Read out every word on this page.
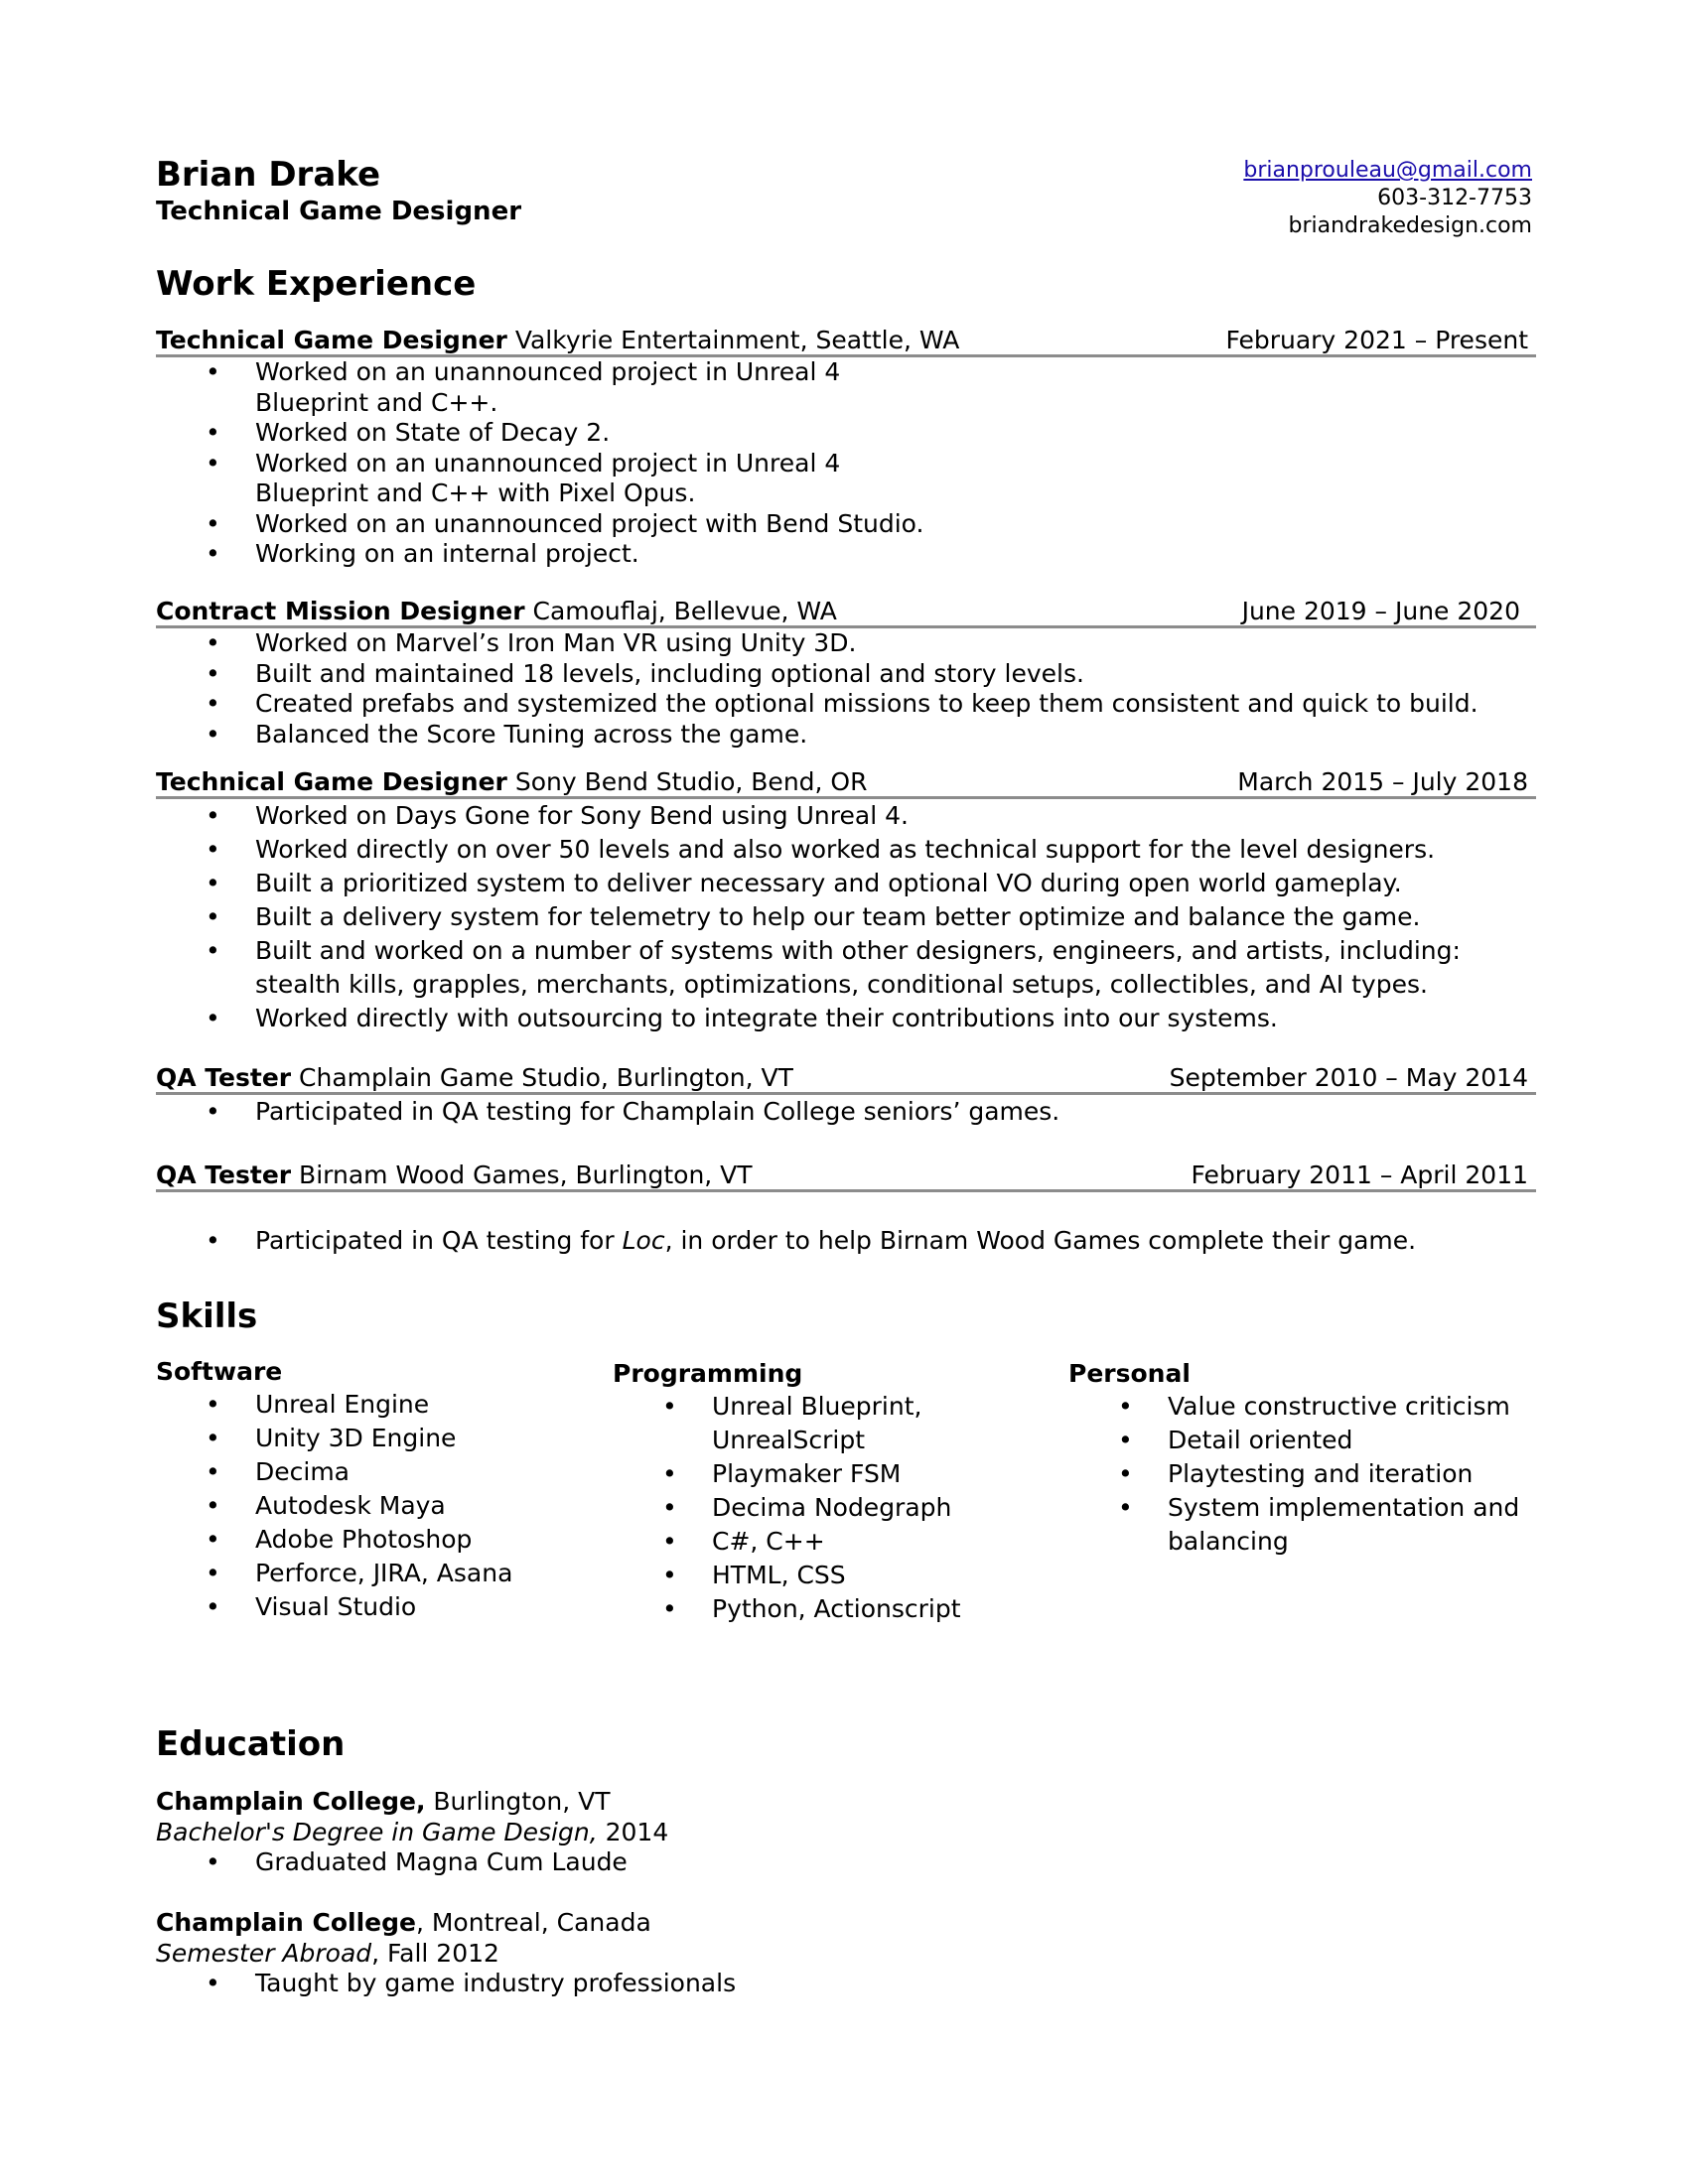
Brian Drake
Technical Game Designer
brianprouleau@gmail.com
603-312-7753
briandrakedesign.com
Work Experience
Technical Game Designer Valkyrie Entertainment, Seattle, WA	February 2021 – Present
• Worked on an unannounced project in Unreal 4
Blueprint and C++.
• Worked on State of Decay 2.
• Worked on an unannounced project in Unreal 4
Blueprint and C++ with Pixel Opus.
• Worked on an unannounced project with Bend Studio.
• Working on an internal project.
Contract Mission Designer Camouflaj, Bellevue, WA	June 2019 – June 2020
• Worked on Marvel’s Iron Man VR using Unity 3D.
• Built and maintained 18 levels, including optional and story levels.
• Created prefabs and systemized the optional missions to keep them consistent and quick to build.
• Balanced the Score Tuning across the game.
Technical Game Designer Sony Bend Studio, Bend, OR	March 2015 – July 2018
• Worked on Days Gone for Sony Bend using Unreal 4.
• Worked directly on over 50 levels and also worked as technical support for the level designers.
• Built a prioritized system to deliver necessary and optional VO during open world gameplay.
• Built a delivery system for telemetry to help our team better optimize and balance the game.
• Built and worked on a number of systems with other designers, engineers, and artists, including:
stealth kills, grapples, merchants, optimizations, conditional setups, collectibles, and AI types.
• Worked directly with outsourcing to integrate their contributions into our systems.
QA Tester Champlain Game Studio, Burlington, VT	September 2010 – May 2014
• Participated in QA testing for Champlain College seniors’ games.
QA Tester Birnam Wood Games, Burlington, VT	February 2011 – April 2011
• Participated in QA testing for Loc, in order to help Birnam Wood Games complete their game.
Skills
Software
• Unreal Engine
• Unity 3D Engine
• Decima
• Autodesk Maya
• Adobe Photoshop
• Perforce, JIRA, Asana
• Visual Studio
Programming
• Unreal Blueprint,
UnrealScript
• Playmaker FSM
• Decima Nodegraph
• C#, C++
• HTML, CSS
• Python, Actionscript
Personal
• Value constructive criticism
• Detail oriented
• Playtesting and iteration
• System implementation and
balancing
Education
Champlain College, Burlington, VT
Bachelor's Degree in Game Design, 2014
• Graduated Magna Cum Laude
Champlain College, Montreal, Canada
Semester Abroad, Fall 2012
• Taught by game industry professionals
